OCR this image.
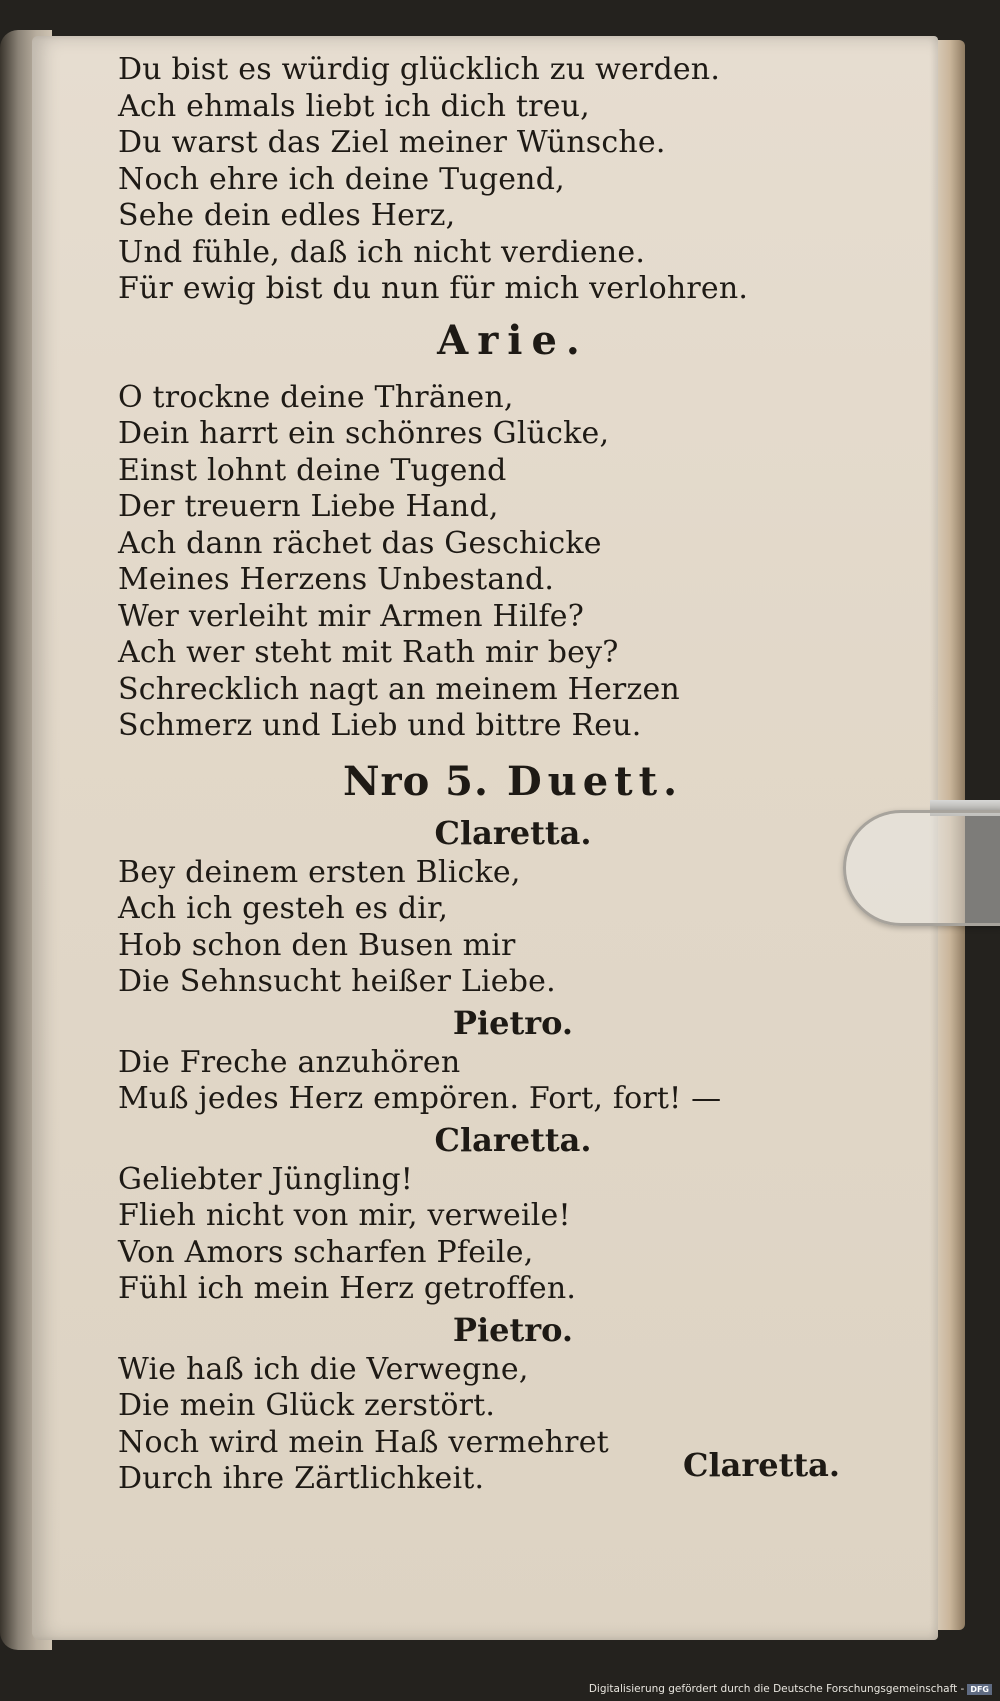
Du bist es würdig glücklich zu werden.
Ach ehmals liebt ich dich treu,
Du warst das Ziel meiner Wünsche.
Noch ehre ich deine Tugend,
Sehe dein edles Herz,
Und fühle, daß ich nicht verdiene.
Für ewig bist du nun für mich verlohren.
Arie.
O trockne deine Thränen,
Dein harrt ein schönres Glücke,
Einst lohnt deine Tugend
Der treuern Liebe Hand,
Ach dann rächet das Geschicke
Meines Herzens Unbestand.
Wer verleiht mir Armen Hilfe?
Ach wer steht mit Rath mir bey?
Schrecklich nagt an meinem Herzen
Schmerz und Lieb und bittre Reu.
Nro 5. Duett.
Claretta.
Bey deinem ersten Blicke,
Ach ich gesteh es dir,
Hob schon den Busen mir
Die Sehnsucht heißer Liebe.
Pietro.
Die Freche anzuhören
Muß jedes Herz empören. Fort, fort! —
Claretta.
Geliebter Jüngling!
Flieh nicht von mir, verweile!
Von Amors scharfen Pfeile,
Fühl ich mein Herz getroffen.
Pietro.
Wie haß ich die Verwegne,
Die mein Glück zerstört.
Noch wird mein Haß vermehret
Durch ihre Zärtlichkeit.	Claretta.
Digitalisierung gefördert durch die Deutsche Forschungsgemeinschaft - DFG
